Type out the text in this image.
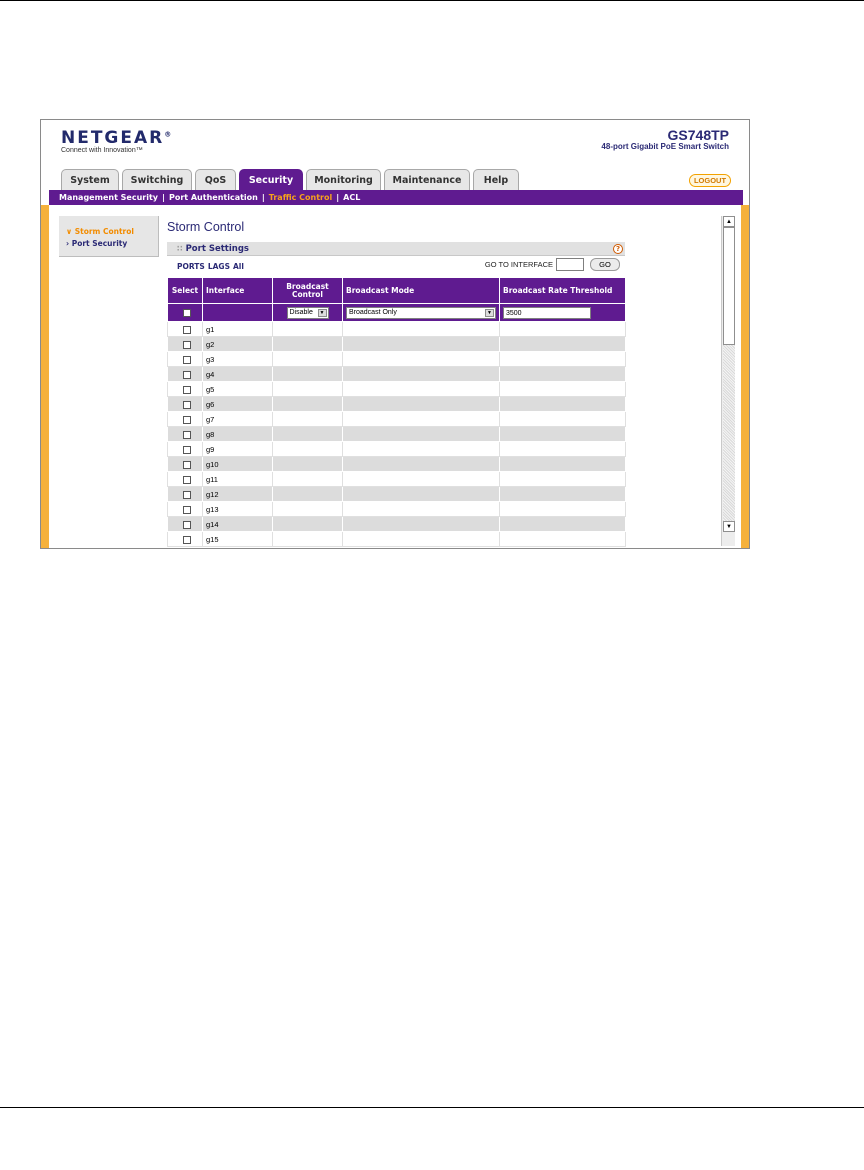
NETGEAR®
Connect with Innovation™
GS748TP
48-port Gigabit PoE Smart Switch
System	Switching	QoS	Security	Monitoring	Maintenance	Help	LOGOUT
Management Security | Port Authentication | Traffic Control | ACL
∨ Storm Control
› Port Security
Storm Control
∷ Port Settings	?
PORTS LAGS All	GO TO INTERFACE	GO
Select	Interface	Broadcast Control	Broadcast Mode	Broadcast Rate Threshold

		Disable ▼	Broadcast Only ▼	3500
	g1			
	g2			
	g3			
	g4			
	g5			
	g6			
	g7			
	g8			
	g9			
	g10			
	g11			
	g12			
	g13			
	g14			
	g15			
▲
▼
